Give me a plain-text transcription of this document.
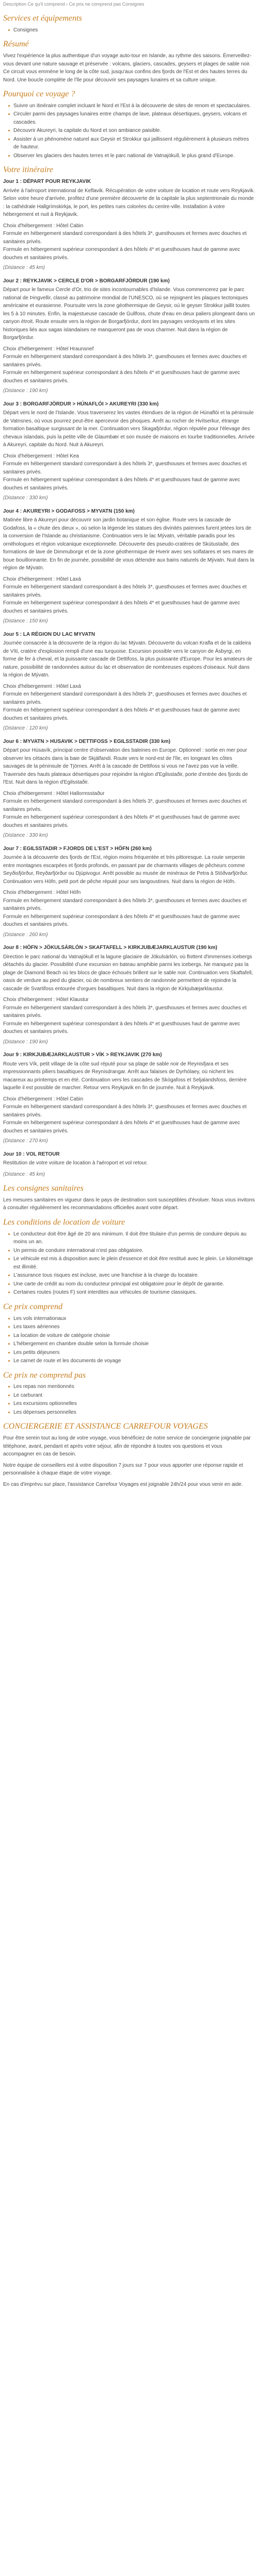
Description Ce qu'il comprend › Ce prix ne comprend pas Consignes
Services et équipements
Consignes
Résumé

Vivez l'expérience la plus authentique d'un voyage auto-tour en Islande, au rythme des saisons. Émerveillez-vous devant une nature sauvage et préservée : volcans, glaciers, cascades, geysers et plages de sable noir. Ce circuit vous emmène le long de la côte sud, jusqu'aux confins des fjords de l'Est et des hautes terres du Nord. Une boucle complète de l'île pour découvrir ses paysages lunaires et sa culture unique.

Pourquoi ce voyage ?
Suivre un itinéraire complet incluant le Nord et l'Est à la découverte de sites de renom et spectaculaires.
Circuler parmi des paysages lunaires entre champs de lave, plateaux désertiques, geysers, volcans et cascades.
Découvrir Akureyri, la capitale du Nord et son ambiance paisible.
Assister à un phénomène naturel aux Geysir et Strokkur qui jaillissent régulièrement à plusieurs mètres de hauteur.
Observer les glaciers des hautes terres et le parc national de Vatnajökull, le plus grand d'Europe.
Votre itinéraire
Jour 1 : DÉPART POUR REYKJAVIK

Arrivée à l'aéroport international de Keflavik. Récupération de votre voiture de location et route vers Reykjavik. Selon votre heure d'arrivée, profitez d'une première découverte de la capitale la plus septentrionale du monde : la cathédrale Hallgrímskirkja, le port, les petites rues colorées du centre-ville. Installation à votre hébergement et nuit à Reykjavik.

Choix d'hébergement : Hôtel Cabin

Formule en hébergement standard correspondant à des hôtels 3*, guesthouses et fermes avec douches et sanitaires privés.

Formule en hébergement supérieur correspondant à des hôtels 4* et guesthouses haut de gamme avec douches et sanitaires privés.

(Distance : 45 km)

Jour 2 : REYKJAVIK > CERCLE D'OR > BORGARFJÖRDUR (190 km)

Départ pour le fameux Cercle d'Or, trio de sites incontournables d'Islande. Vous commencerez par le parc national de Þingvellir, classé au patrimoine mondial de l'UNESCO, où se rejoignent les plaques tectoniques américaine et eurasienne. Poursuite vers la zone géothermique de Geysir, où le geyser Strokkur jaillit toutes les 5 à 10 minutes. Enfin, la majestueuse cascade de Gullfoss, chute d'eau en deux paliers plongeant dans un canyon étroit. Route ensuite vers la région de Borgarfjördur, dont les paysages verdoyants et les sites historiques liés aux sagas islandaises ne manqueront pas de vous charmer. Nuit dans la région de Borgarfjördur.

Choix d'hébergement : Hôtel Hraunsnef

Formule en hébergement standard correspondant à des hôtels 3*, guesthouses et fermes avec douches et sanitaires privés.

Formule en hébergement supérieur correspondant à des hôtels 4* et guesthouses haut de gamme avec douches et sanitaires privés.

(Distance : 190 km)

Jour 3 : BORGARFJÖRDUR > HÚNAFLÓI > AKUREYRI (330 km)

Départ vers le nord de l'Islande. Vous traverserez les vastes étendues de la région de Húnaflói et la péninsule de Vatnsnes, où vous pourrez peut-être apercevoir des phoques. Arrêt au rocher de Hvítserkur, étrange formation basaltique surgissant de la mer. Continuation vers Skagafjördur, région réputée pour l'élevage des chevaux islandais, puis la petite ville de Glaumbær et son musée de maisons en tourbe traditionnelles. Arrivée à Akureyri, capitale du Nord. Nuit à Akureyri.

Choix d'hébergement : Hôtel Kea

Formule en hébergement standard correspondant à des hôtels 3*, guesthouses et fermes avec douches et sanitaires privés.

Formule en hébergement supérieur correspondant à des hôtels 4* et guesthouses haut de gamme avec douches et sanitaires privés.

(Distance : 330 km)

Jour 4 : AKUREYRI > GODAFOSS > MYVATN (150 km)

Matinée libre à Akureyri pour découvrir son jardin botanique et son église. Route vers la cascade de Godafoss, la « chute des dieux », où selon la légende les statues des divinités païennes furent jetées lors de la conversion de l'Islande au christianisme. Continuation vers le lac Mývatn, véritable paradis pour les ornithologues et région volcanique exceptionnelle. Découverte des pseudo-cratères de Skútustaðir, des formations de lave de Dimmuborgir et de la zone géothermique de Hverir avec ses solfatares et ses mares de boue bouillonnante. En fin de journée, possibilité de vous détendre aux bains naturels de Mývatn. Nuit dans la région de Mývatn.

Choix d'hébergement : Hôtel Laxá

Formule en hébergement standard correspondant à des hôtels 3*, guesthouses et fermes avec douches et sanitaires privés.

Formule en hébergement supérieur correspondant à des hôtels 4* et guesthouses haut de gamme avec douches et sanitaires privés.

(Distance : 150 km)

Jour 5 : LA RÉGION DU LAC MYVATN

Journée consacrée à la découverte de la région du lac Mývatn. Découverte du volcan Krafla et de la caldeira de Víti, cratère d'explosion rempli d'une eau turquoise. Excursion possible vers le canyon de Ásbyrgi, en forme de fer à cheval, et la puissante cascade de Dettifoss, la plus puissante d'Europe. Pour les amateurs de nature, possibilité de randonnées autour du lac et observation de nombreuses espèces d'oiseaux. Nuit dans la région de Mývatn.

Choix d'hébergement : Hôtel Laxá

Formule en hébergement standard correspondant à des hôtels 3*, guesthouses et fermes avec douches et sanitaires privés.

Formule en hébergement supérieur correspondant à des hôtels 4* et guesthouses haut de gamme avec douches et sanitaires privés.

(Distance : 120 km)

Jour 6 : MYVATN > HUSAVIK > DETTIFOSS > EGILSSTADIR (330 km)

Départ pour Húsavík, principal centre d'observation des baleines en Europe. Optionnel : sortie en mer pour observer les cétacés dans la baie de Skjálfandi. Route vers le nord-est de l'île, en longeant les côtes sauvages de la péninsule de Tjörnes. Arrêt à la cascade de Dettifoss si vous ne l'avez pas vue la veille. Traversée des hauts plateaux désertiques pour rejoindre la région d'Egilsstaðir, porte d'entrée des fjords de l'Est. Nuit dans la région d'Egilsstaðir.

Choix d'hébergement : Hôtel Hallormsstaður

Formule en hébergement standard correspondant à des hôtels 3*, guesthouses et fermes avec douches et sanitaires privés.

Formule en hébergement supérieur correspondant à des hôtels 4* et guesthouses haut de gamme avec douches et sanitaires privés.

(Distance : 330 km)

Jour 7 : EGILSSTADIR > FJORDS DE L'EST > HÖFN (260 km)

Journée à la découverte des fjords de l'Est, région moins fréquentée et très pittoresque. La route serpente entre montagnes escarpées et fjords profonds, en passant par de charmants villages de pêcheurs comme Seyðisfjörður, Reyðarfjörður ou Djúpivogur. Arrêt possible au musée de minéraux de Petra à Stöðvarfjörður. Continuation vers Höfn, petit port de pêche réputé pour ses langoustines. Nuit dans la région de Höfn.

Choix d'hébergement : Hôtel Höfn

Formule en hébergement standard correspondant à des hôtels 3*, guesthouses et fermes avec douches et sanitaires privés.

Formule en hébergement supérieur correspondant à des hôtels 4* et guesthouses haut de gamme avec douches et sanitaires privés.

(Distance : 260 km)

Jour 8 : HÖFN > JÖKULSÁRLÓN > SKAFTAFELL > KIRKJUBÆJARKLAUSTUR (190 km)

Direction le parc national du Vatnajökull et la lagune glaciaire de Jökulsárlón, où flottent d'immenses icebergs détachés du glacier. Possibilité d'une excursion en bateau amphibie parmi les icebergs. Ne manquez pas la plage de Diamond Beach où les blocs de glace échoués brillent sur le sable noir. Continuation vers Skaftafell, oasis de verdure au pied du glacier, où de nombreux sentiers de randonnée permettent de rejoindre la cascade de Svartifoss entourée d'orgues basaltiques. Nuit dans la région de Kirkjubæjarklaustur.

Choix d'hébergement : Hôtel Klaustur

Formule en hébergement standard correspondant à des hôtels 3*, guesthouses et fermes avec douches et sanitaires privés.

Formule en hébergement supérieur correspondant à des hôtels 4* et guesthouses haut de gamme avec douches et sanitaires privés.

(Distance : 190 km)

Jour 9 : KIRKJUBÆJARKLAUSTUR > VÍK > REYKJAVIK (270 km)

Route vers Vík, petit village de la côte sud réputé pour sa plage de sable noir de Reynisfjara et ses impressionnants piliers basaltiques de Reynisdrangar. Arrêt aux falaises de Dyrhólaey, où nichent les macareux au printemps et en été. Continuation vers les cascades de Skógafoss et Seljalandsfoss, derrière laquelle il est possible de marcher. Retour vers Reykjavik en fin de journée. Nuit à Reykjavik.

Choix d'hébergement : Hôtel Cabin

Formule en hébergement standard correspondant à des hôtels 3*, guesthouses et fermes avec douches et sanitaires privés.

Formule en hébergement supérieur correspondant à des hôtels 4* et guesthouses haut de gamme avec douches et sanitaires privés.

(Distance : 270 km)

Jour 10 : VOL RETOUR

Restitution de votre voiture de location à l'aéroport et vol retour.

(Distance : 45 km)

Les consignes sanitaires

Les mesures sanitaires en vigueur dans le pays de destination sont susceptibles d'évoluer. Nous vous invitons à consulter régulièrement les recommandations officielles avant votre départ.

Les conditions de location de voiture
Le conducteur doit être âgé de 20 ans minimum. Il doit être titulaire d'un permis de conduire depuis au moins un an.
Un permis de conduire international n'est pas obligatoire.
Le véhicule est mis à disposition avec le plein d'essence et doit être restitué avec le plein. Le kilométrage est illimité.
L'assurance tous risques est incluse, avec une franchise à la charge du locataire.
Une carte de crédit au nom du conducteur principal est obligatoire pour le dépôt de garantie.
Certaines routes (routes F) sont interdites aux véhicules de tourisme classiques.
Ce prix comprend
Les vols internationaux
Les taxes aériennes
La location de voiture de catégorie choisie
L'hébergement en chambre double selon la formule choisie
Les petits déjeuners
Le carnet de route et les documents de voyage
Ce prix ne comprend pas
Les repas non mentionnés
Le carburant
Les excursions optionnelles
Les dépenses personnelles
CONCIERGERIE ET ASSISTANCE CARREFOUR VOYAGES

Pour être serein tout au long de votre voyage, vous bénéficiez de notre service de conciergerie joignable par téléphone, avant, pendant et après votre séjour, afin de répondre à toutes vos questions et vous accompagner en cas de besoin.

Notre équipe de conseillers est à votre disposition 7 jours sur 7 pour vous apporter une réponse rapide et personnalisée à chaque étape de votre voyage.

En cas d'imprévu sur place, l'assistance Carrefour Voyages est joignable 24h/24 pour vous venir en aide.
